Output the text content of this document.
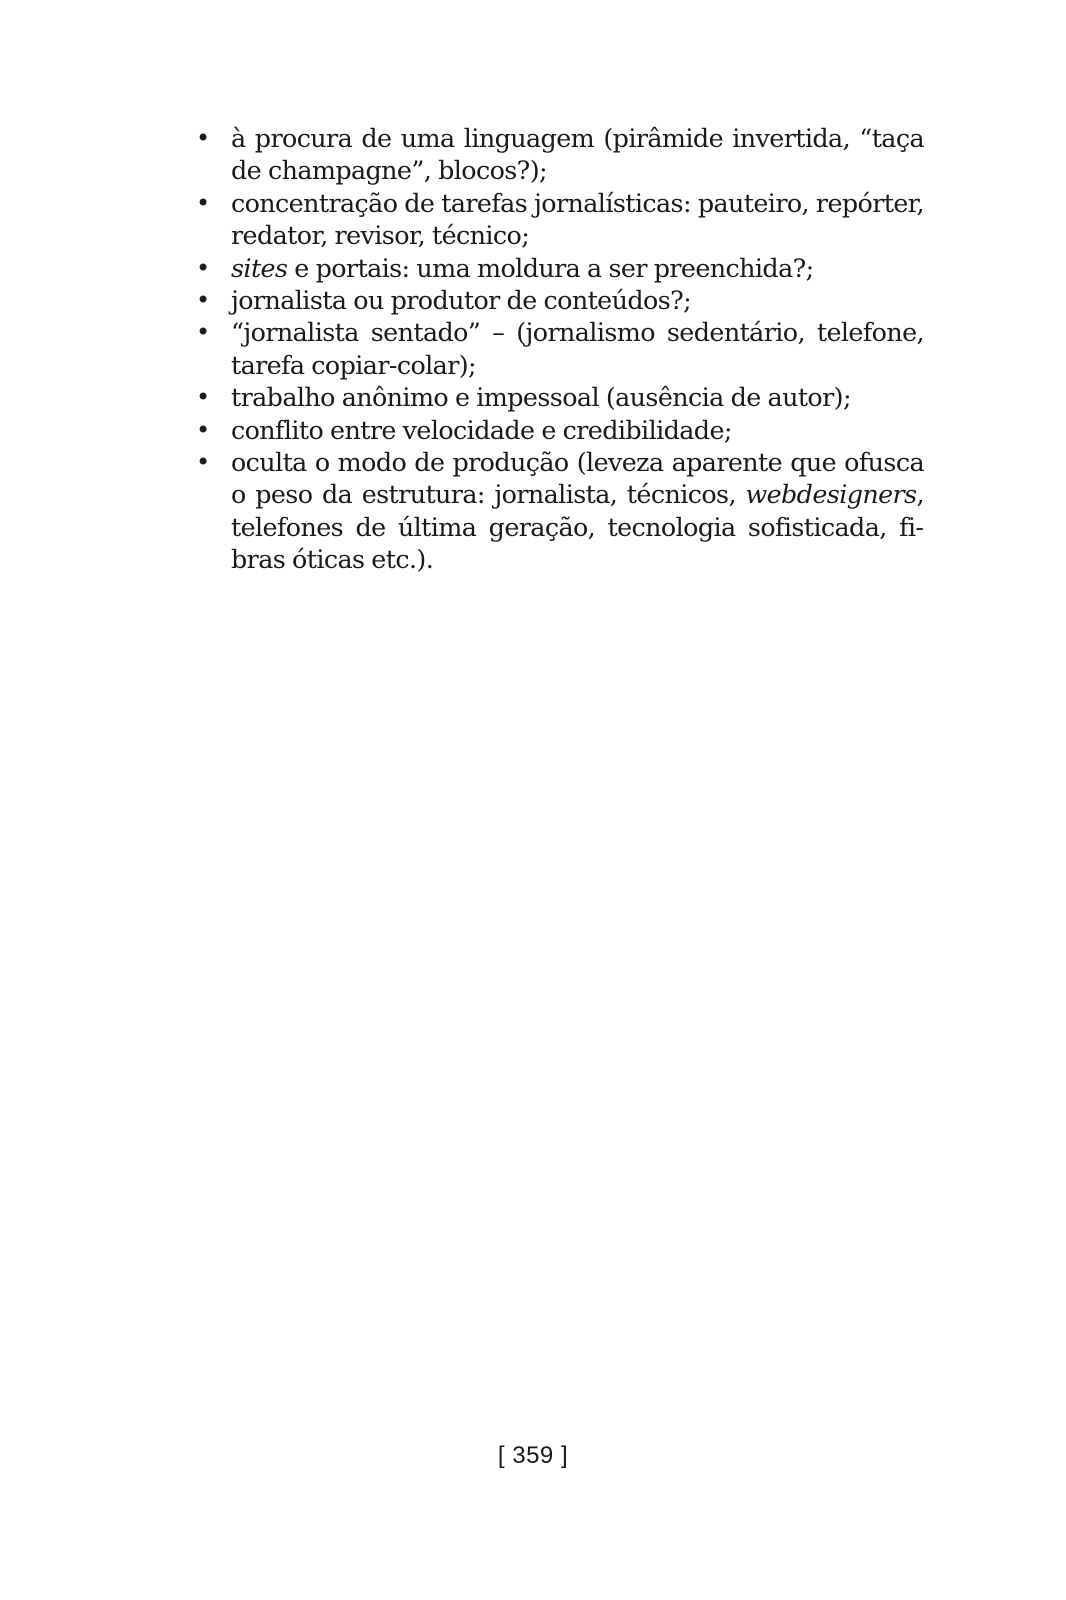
• à procura de uma linguagem (pirâmide invertida, “taça de champagne”, blocos?);
• concentração de tarefas jornalísticas: pauteiro, repórter, redator, revisor, técnico;
• sites e portais: uma moldura a ser preenchida?;
• jornalista ou produtor de conteúdos?;
• “jornalista sentado” – (jornalismo sedentário, telefone, tarefa copiar-colar);
• trabalho anônimo e impessoal (ausência de autor);
• conflito entre velocidade e credibilidade;
• oculta o modo de produção (leveza aparente que ofusca o peso da estrutura: jornalista, técnicos, webdesigners, telefones de última geração, tecnologia sofisticada, fibras óticas etc.).
[ 359 ]
